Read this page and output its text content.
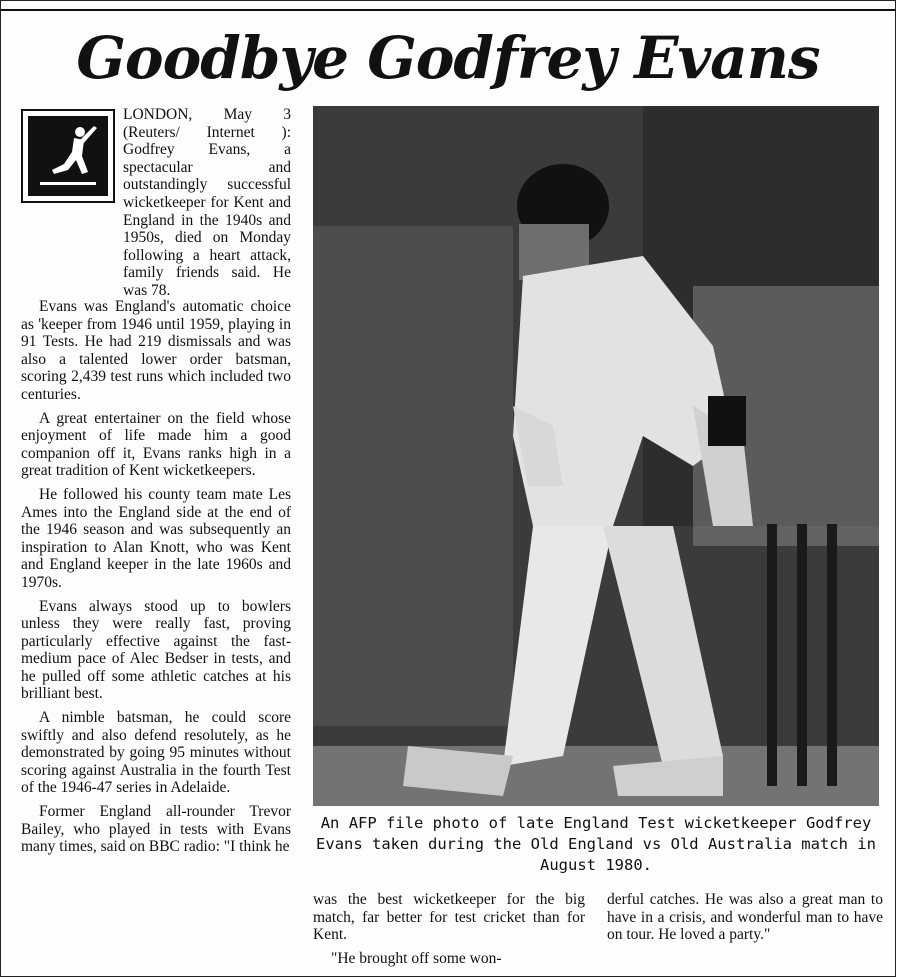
Goodbye Godfrey Evans

LONDON, May 3 (Reuters/ Internet ): Godfrey Evans, a spectacular and outstandingly successful wicketkeeper for Kent and England in the 1940s and 1950s, died on Monday following a heart attack, family friends said. He was 78.

Evans was England's automatic choice as 'keeper from 1946 until 1959, playing in 91 Tests. He had 219 dismissals and was also a talented lower order batsman, scoring 2,439 test runs which included two centuries.

A great entertainer on the field whose enjoyment of life made him a good companion off it, Evans ranks high in a great tradition of Kent wicketkeepers.

He followed his county team mate Les Ames into the England side at the end of the 1946 season and was subsequently an inspiration to Alan Knott, who was Kent and England keeper in the late 1960s and 1970s.

Evans always stood up to bowlers unless they were really fast, proving particularly effective against the fast-medium pace of Alec Bedser in tests, and he pulled off some athletic catches at his brilliant best.

A nimble batsman, he could score swiftly and also defend resolutely, as he demonstrated by going 95 minutes without scoring against Australia in the fourth Test of the 1946-47 series in Adelaide.

Former England all-rounder Trevor Bailey, who played in tests with Evans many times, said on BBC radio: "I think he

An AFP file photo of late England Test wicketkeeper Godfrey Evans taken during the Old England vs Old Australia match in August 1980.

was the best wicketkeeper for the big match, far better for test cricket than for Kent.

"He brought off some won-

derful catches. He was also a great man to have in a crisis, and wonderful man to have on tour. He loved a party."
